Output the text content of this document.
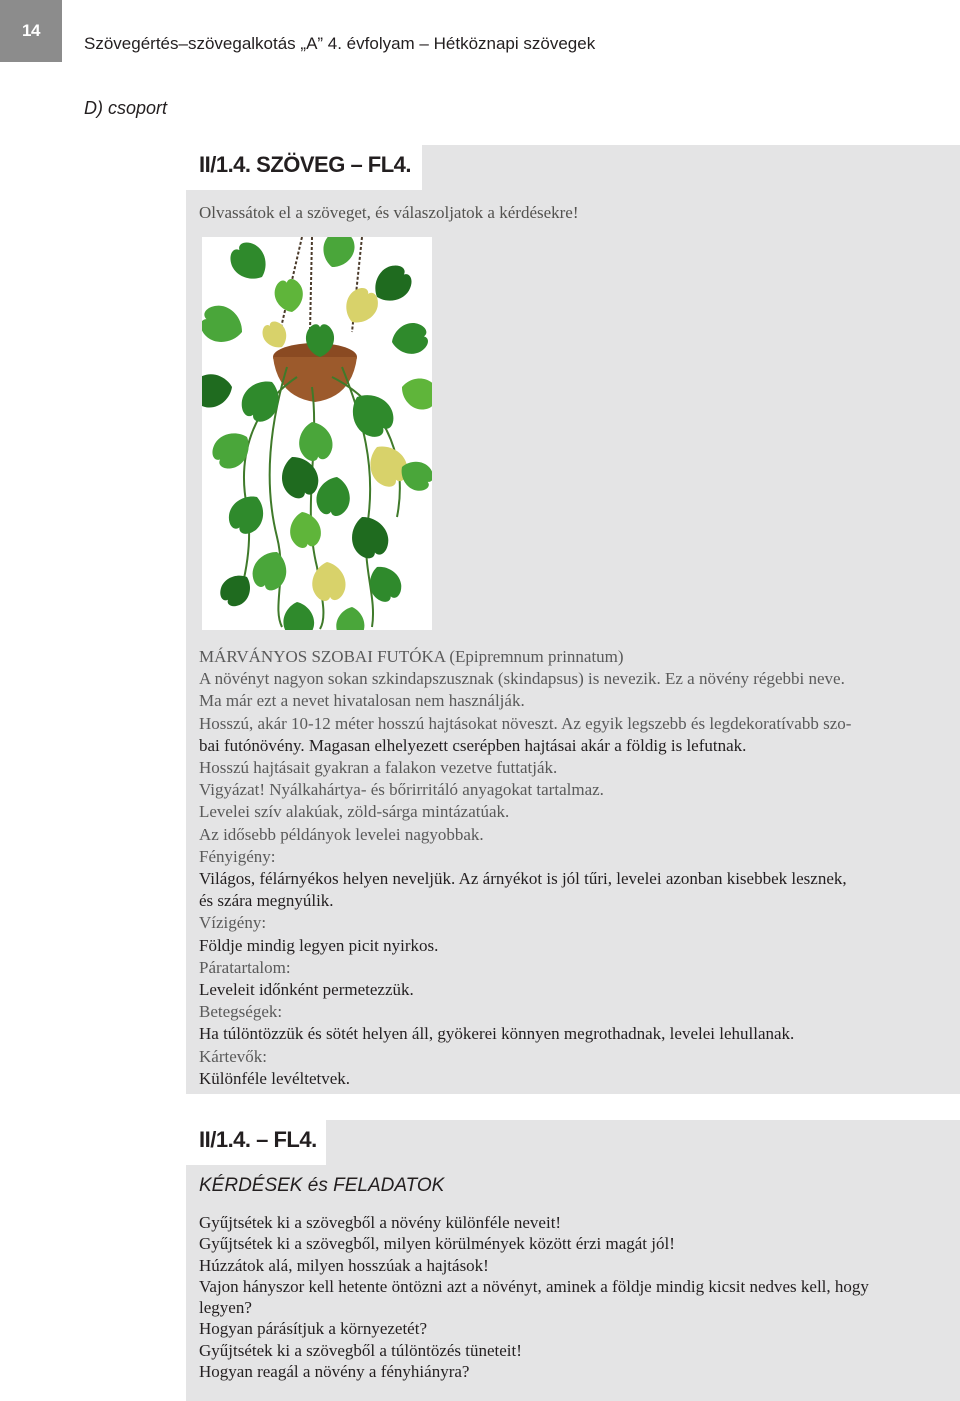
14
Szövegértés–szövegalkotás „A” 4. évfolyam – Hétköznapi szövegek
D) csoport
II/1.4. SZÖVEG – FL4.
Olvassátok el a szöveget, és válaszoljatok a kérdésekre!

MÁRVÁNYOS SZOBAI FUTÓKA (Epipremnum prinnatum)

A növényt nagyon sokan szkindapszusznak (skindapsus) is nevezik. Ez a növény régebbi neve.

Ma már ezt a nevet hivatalosan nem használják.

Hosszú, akár 10-12 méter hosszú hajtásokat növeszt. Az egyik legszebb és legdekoratívabb szo-

bai futónövény. Magasan elhelyezett cserépben hajtásai akár a földig is lefutnak.

Hosszú hajtásait gyakran a falakon vezetve futtatják.

Vigyázat! Nyálkahártya- és bőrirritáló anyagokat tartalmaz.

Levelei szív alakúak, zöld-sárga mintázatúak.

Az idősebb példányok levelei nagyobbak.

Fényigény:

Világos, félárnyékos helyen neveljük. Az árnyékot is jól tűri, levelei azonban kisebbek lesznek,

és szára megnyúlik.

Vízigény:

Földje mindig legyen picit nyirkos.

Páratartalom:

Leveleit időnként permetezzük.

Betegségek:

Ha túlöntözzük és sötét helyen áll, gyökerei könnyen megrothadnak, levelei lehullanak.

Kártevők:

Különféle levéltetvek.

II/1.4. – FL4.
KÉRDÉSEK és FELADATOK

Gyűjtsétek ki a szövegből a növény különféle neveit!

Gyűjtsétek ki a szövegből, milyen körülmények között érzi magát jól!

Húzzátok alá, milyen hosszúak a hajtások!

Vajon hányszor kell hetente öntözni azt a növényt, aminek a földje mindig kicsit nedves kell, hogy

legyen?

Hogyan párásítjuk a környezetét?

Gyűjtsétek ki a szövegből a túlöntözés tüneteit!

Hogyan reagál a növény a fényhiányra?
